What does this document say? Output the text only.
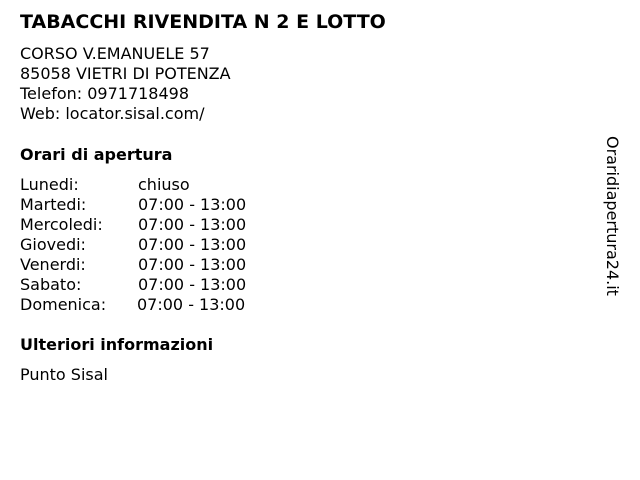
TABACCHI RIVENDITA N 2 E LOTTO
CORSO V.EMANUELE 57
85058 VIETRI DI POTENZA
Telefon: 0971718498
Web: locator.sisal.com/
Orari di apertura
Lunedi:	chiuso
Martedi:	07:00 - 13:00
Mercoledi:	07:00 - 13:00
Giovedi:	07:00 - 13:00
Venerdi:	07:00 - 13:00
Sabato:	07:00 - 13:00
Domenica:	07:00 - 13:00
Ulteriori informazioni
Punto Sisal
Oraridiapertura24.it
